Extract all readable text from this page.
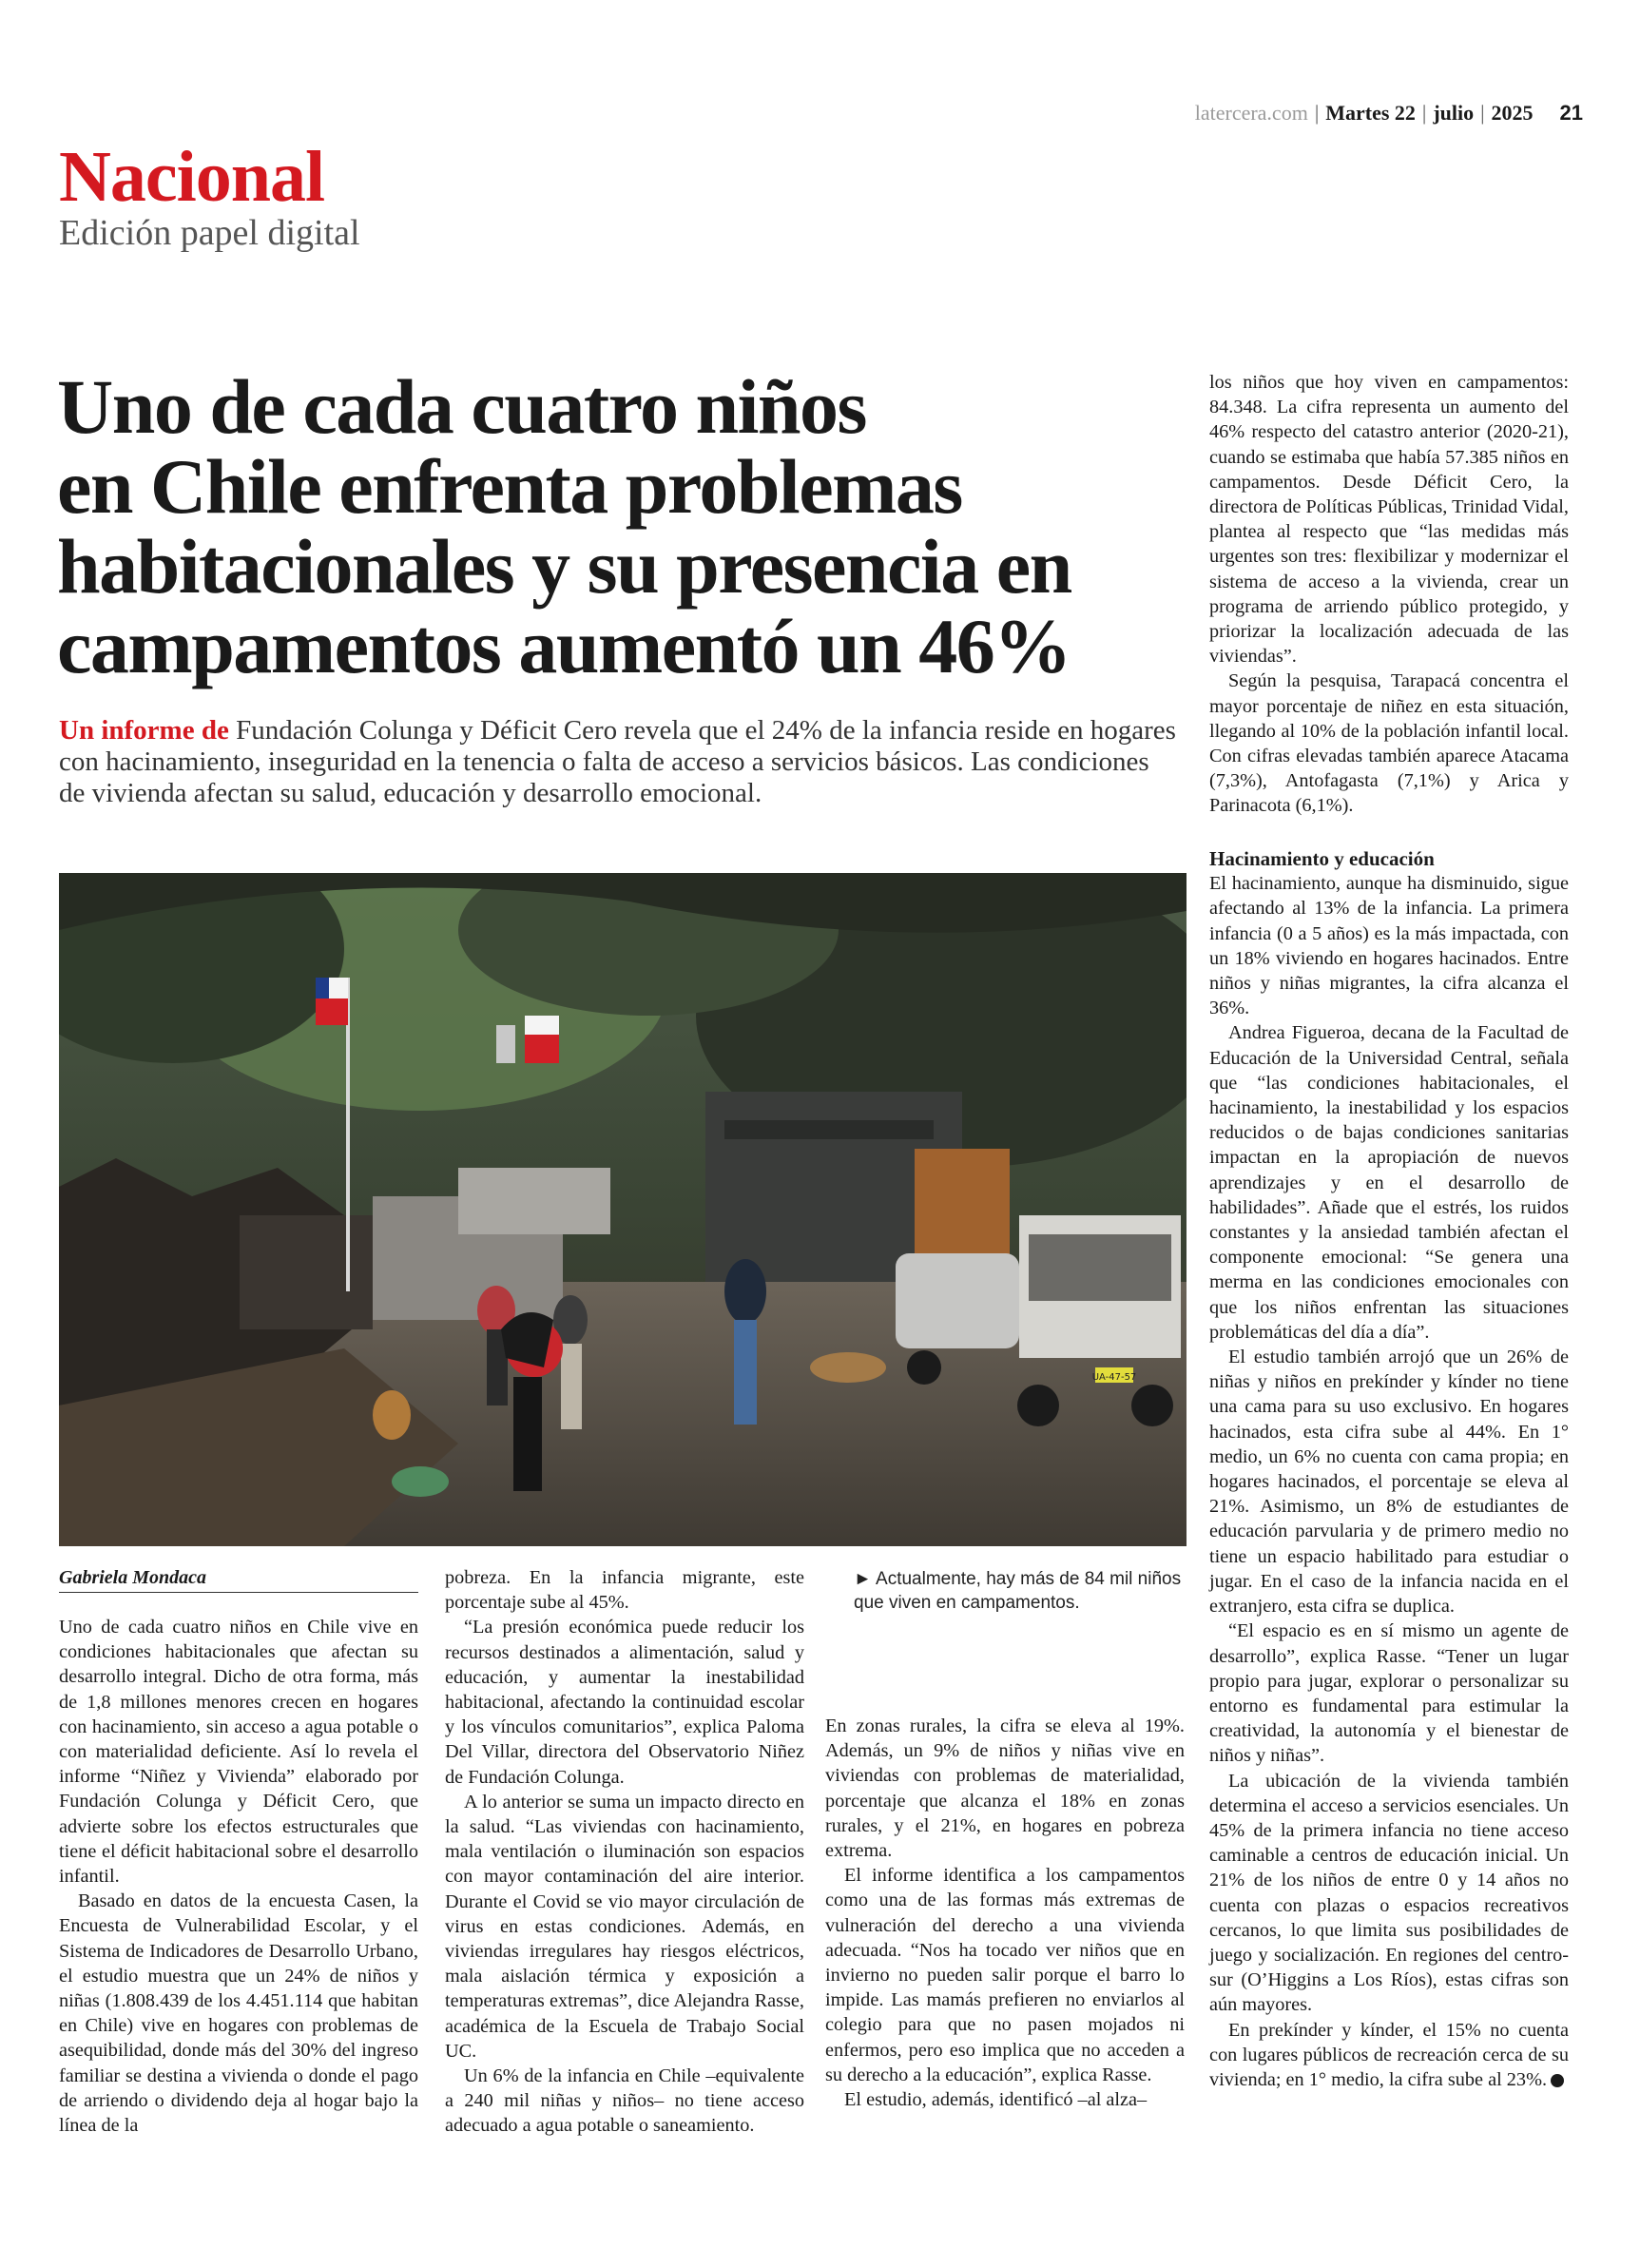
latercera.com | Martes 22 | julio | 2025 21
Nacional
Edición papel digital
Uno de cada cuatro niños
en Chile enfrenta problemas
habitacionales y su presencia en
campamentos aumentó un 46%
Un informe de Fundación Colunga y Déficit Cero revela que el 24% de la infancia reside en hogares con hacinamiento, inseguridad en la tenencia o falta de acceso a servicios básicos. Las condiciones de vivienda afectan su salud, educación y desarrollo emocional.
UA-47-57
Gabriela Mondaca

Uno de cada cuatro niños en Chile vive en condiciones habitacionales que afectan su desarrollo integral. Dicho de otra forma, más de 1,8 millones menores crecen en hogares con hacinamiento, sin acceso a agua potable o con materialidad deficiente. Así lo revela el informe “Niñez y Vivienda” elaborado por Fundación Colunga y Déficit Cero, que advierte sobre los efectos estructurales que tiene el déficit habitacional sobre el desarrollo infantil.

Basado en datos de la encuesta Casen, la Encuesta de Vulnerabilidad Escolar, y el Sistema de Indicadores de Desarrollo Urbano, el estudio muestra que un 24% de niños y niñas (1.808.439 de los 4.451.114 que habitan en Chile) vive en hogares con problemas de asequibilidad, donde más del 30% del ingreso familiar se destina a vivienda o donde el pago de arriendo o dividendo deja al hogar bajo la línea de la

pobreza. En la infancia migrante, este porcentaje sube al 45%.

“La presión económica puede reducir los recursos destinados a alimentación, salud y educación, y aumentar la inestabilidad habitacional, afectando la continuidad escolar y los vínculos comunitarios”, explica Paloma Del Villar, directora del Observatorio Niñez de Fundación Colunga.

A lo anterior se suma un impacto directo en la salud. “Las viviendas con hacinamiento, mala ventilación o iluminación son espacios con mayor contaminación del aire interior. Durante el Covid se vio mayor circulación de virus en estas condiciones. Además, en viviendas irregulares hay riesgos eléctricos, mala aislación térmica y exposición a temperaturas extremas”, dice Alejandra Rasse, académica de la Escuela de Trabajo Social UC.

Un 6% de la infancia en Chile –equivalente a 240 mil niñas y niños– no tiene acceso adecuado a agua potable o saneamiento.

► Actualmente, hay más de 84 mil niños que viven en campamentos.

En zonas rurales, la cifra se eleva al 19%. Además, un 9% de niños y niñas vive en viviendas con problemas de materialidad, porcentaje que alcanza el 18% en zonas rurales, y el 21%, en hogares en pobreza extrema.

El informe identifica a los campamentos como una de las formas más extremas de vulneración del derecho a una vivienda adecuada. “Nos ha tocado ver niños que en invierno no pueden salir porque el barro lo impide. Las mamás prefieren no enviarlos al colegio para que no pasen mojados ni enfermos, pero eso implica que no acceden a su derecho a la educación”, explica Rasse.

El estudio, además, identificó –al alza–

los niños que hoy viven en campamentos: 84.348. La cifra representa un aumento del 46% respecto del catastro anterior (2020-21), cuando se estimaba que había 57.385 niños en campamentos. Desde Déficit Cero, la directora de Políticas Públicas, Trinidad Vidal, plantea al respecto que “las medidas más urgentes son tres: flexibilizar y modernizar el sistema de acceso a la vivienda, crear un programa de arriendo público protegido, y priorizar la localización adecuada de las viviendas”.

Según la pesquisa, Tarapacá concentra el mayor porcentaje de niñez en esta situación, llegando al 10% de la población infantil local. Con cifras elevadas también aparece Atacama (7,3%), Antofagasta (7,1%) y Arica y Parinacota (6,1%).

Hacinamiento y educación

El hacinamiento, aunque ha disminuido, sigue afectando al 13% de la infancia. La primera infancia (0 a 5 años) es la más impactada, con un 18% viviendo en hogares hacinados. Entre niños y niñas migrantes, la cifra alcanza el 36%.

Andrea Figueroa, decana de la Facultad de Educación de la Universidad Central, señala que “las condiciones habitacionales, el hacinamiento, la inestabilidad y los espacios reducidos o de bajas condiciones sanitarias impactan en la apropiación de nuevos aprendizajes y en el desarrollo de habilidades”. Añade que el estrés, los ruidos constantes y la ansiedad también afectan el componente emocional: “Se genera una merma en las condiciones emocionales con que los niños enfrentan las situaciones problemáticas del día a día”.

El estudio también arrojó que un 26% de niñas y niños en prekínder y kínder no tiene una cama para su uso exclusivo. En hogares hacinados, esta cifra sube al 44%. En 1° medio, un 6% no cuenta con cama propia; en hogares hacinados, el porcentaje se eleva al 21%. Asimismo, un 8% de estudiantes de educación parvularia y de primero medio no tiene un espacio habilitado para estudiar o jugar. En el caso de la infancia nacida en el extranjero, esta cifra se duplica.

“El espacio es en sí mismo un agente de desarrollo”, explica Rasse. “Tener un lugar propio para jugar, explorar o personalizar su entorno es fundamental para estimular la creatividad, la autonomía y el bienestar de niños y niñas”.

La ubicación de la vivienda también determina el acceso a servicios esenciales. Un 45% de la primera infancia no tiene acceso caminable a centros de educación inicial. Un 21% de los niños de entre 0 y 14 años no cuenta con plazas o espacios recreativos cercanos, lo que limita sus posibilidades de juego y socialización. En regiones del centro-sur (O’Higgins a Los Ríos), estas cifras son aún mayores.

En prekínder y kínder, el 15% no cuenta con lugares públicos de recreación cerca de su vivienda; en 1° medio, la cifra sube al 23%.
